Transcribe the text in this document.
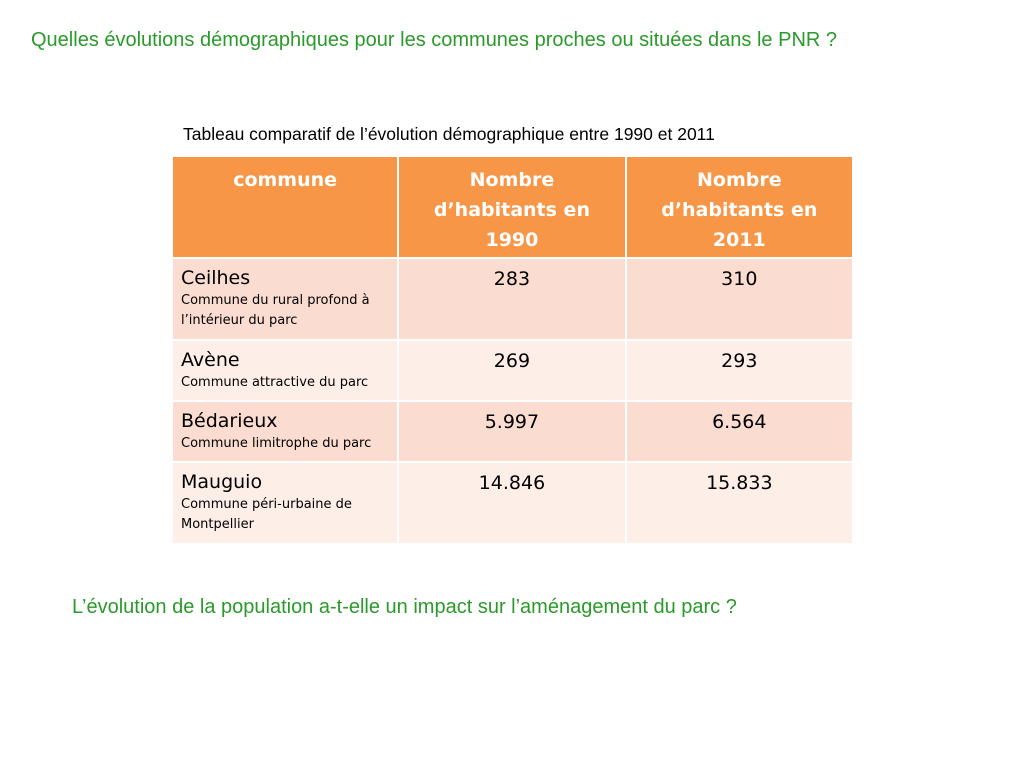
Quelles évolutions démographiques pour les communes proches ou situées dans le PNR ?
Tableau comparatif de l’évolution démographique entre 1990 et 2011
commune	Nombre d’habitants en 1990	Nombre d’habitants en 2011

Ceilhes
Commune du rural profond à l’intérieur du parc	283	310

Avène
Commune attractive du parc	269	293

Bédarieux
Commune limitrophe du parc	5.997	6.564

Mauguio
Commune péri-urbaine de Montpellier	14.846	15.833
L’évolution de la population a-t-elle un impact sur l’aménagement du parc ?
